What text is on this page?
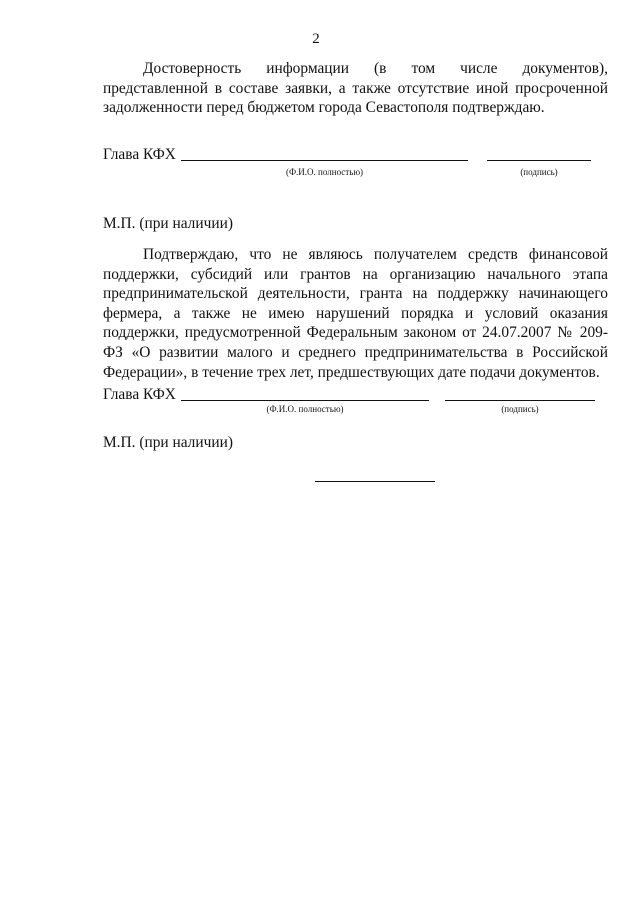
2

Достоверность информации (в том числе документов), представленной в составе заявки, а также отсутствие иной просроченной задолженности перед бюджетом города Севастополя подтверждаю.

Глава КФХ
(Ф.И.О. полностью)	(подпись)
М.П. (при наличии)

Подтверждаю, что не являюсь получателем средств финансовой поддержки, субсидий или грантов на организацию начального этапа предпринимательской деятельности, гранта на поддержку начинающего фермера, а также не имею нарушений порядка и условий оказания поддержки, предусмотренной Федеральным законом от 24.07.2007 № 209-ФЗ «О развитии малого и среднего предпринимательства в Российской Федерации», в течение трех лет, предшествующих дате подачи документов.

Глава КФХ
(Ф.И.О. полностью)	(подпись)
М.П. (при наличии)
